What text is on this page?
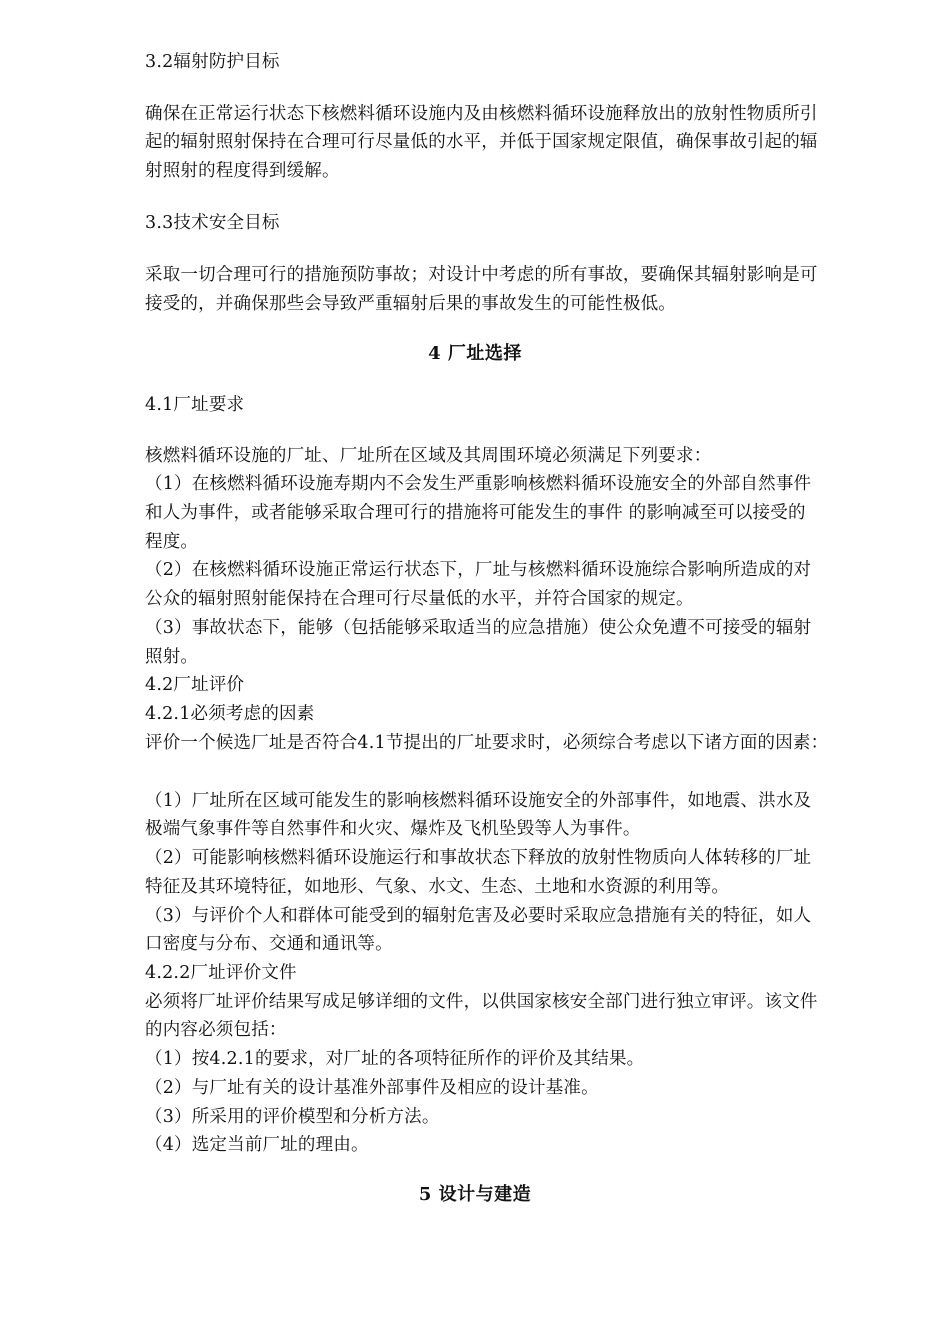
3.2辐射防护目标
确保在正常运行状态下核燃料循环设施内及由核燃料循环设施释放出的放射性物质所引
起的辐射照射保持在合理可行尽量低的水平，并低于国家规定限值，确保事故引起的辐
射照射的程度得到缓解。
3.3技术安全目标
采取一切合理可行的措施预防事故；对设计中考虑的所有事故，要确保其辐射影响是可
接受的，并确保那些会导致严重辐射后果的事故发生的可能性极低。
4 厂址选择
4.1厂址要求
核燃料循环设施的厂址、厂址所在区域及其周围环境必须满足下列要求：
（1）在核燃料循环设施寿期内不会发生严重影响核燃料循环设施安全的外部自然事件
和人为事件，或者能够采取合理可行的措施将可能发生的事件 的影响减至可以接受的
程度。
（2）在核燃料循环设施正常运行状态下，厂址与核燃料循环设施综合影响所造成的对
公众的辐射照射能保持在合理可行尽量低的水平，并符合国家的规定。
（3）事故状态下，能够（包括能够采取适当的应急措施）使公众免遭不可接受的辐射
照射。
4.2厂址评价
4.2.1必须考虑的因素
评价一个候选厂址是否符合4.1节提出的厂址要求时，必须综合考虑以下诸方面的因素：
（1）厂址所在区域可能发生的影响核燃料循环设施安全的外部事件，如地震、洪水及
极端气象事件等自然事件和火灾、爆炸及飞机坠毁等人为事件。
（2）可能影响核燃料循环设施运行和事故状态下释放的放射性物质向人体转移的厂址
特征及其环境特征，如地形、气象、水文、生态、土地和水资源的利用等。
（3）与评价个人和群体可能受到的辐射危害及必要时采取应急措施有关的特征，如人
口密度与分布、交通和通讯等。
4.2.2厂址评价文件
必须将厂址评价结果写成足够详细的文件，以供国家核安全部门进行独立审评。该文件
的内容必须包括：
（1）按4.2.1的要求，对厂址的各项特征所作的评价及其结果。
（2）与厂址有关的设计基准外部事件及相应的设计基准。
（3）所采用的评价模型和分析方法。
（4）选定当前厂址的理由。
5 设计与建造
